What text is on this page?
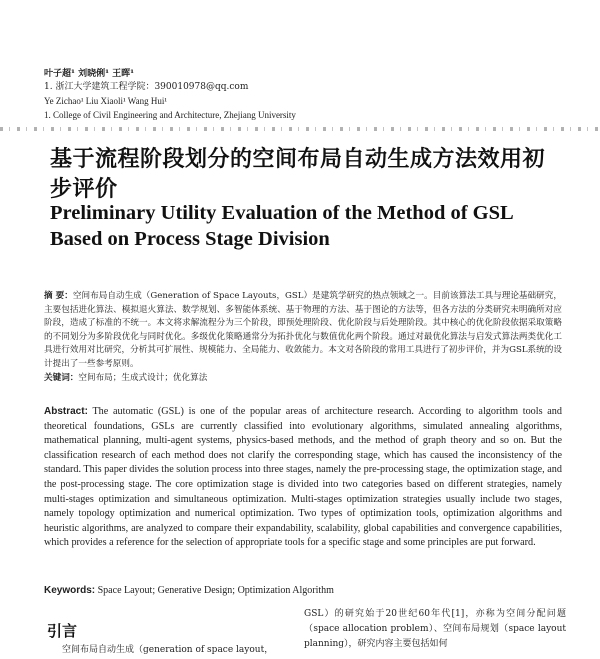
叶子超¹ 刘晓俐¹ 王晖¹
1. 浙江大学建筑工程学院：390010978@qq.com
Ye Zichao¹ Liu Xiaoli¹ Wang Hui¹
1. College of Civil Engineering and Architecture, Zhejiang University
基于流程阶段划分的空间布局自动生成方法效用初步评价
Preliminary Utility Evaluation of the Method of GSL Based on Process Stage Division
摘 要：空间布局自动生成（Generation of Space Layouts，GSL）是建筑学研究的热点领域之一。目前该算法工具与理论基础研究，主要包括进化算法、模拟退火算法、数学规划、多智能体系统、基于物理的方法、基于图论的方法等，但各方法的分类研究未明确所对应阶段，造成了标准的不统一。本文将求解流程分为三个阶段，即预处理阶段、优化阶段与后处理阶段。其中核心的优化阶段依据采取策略的不同划分为多阶段优化与同时优化。多级优化策略通常分为拓扑优化与数值优化两个阶段。通过对最优化算法与启发式算法两类优化工具进行效用对比研究，分析其可扩展性、规模能力、全局能力、收敛能力。本文对各阶段的常用工具进行了初步评价，并为GSL系统的设计提出了一些参考原则。
关键词：空间布局；生成式设计；优化算法
Abstract: The automatic (GSL) is one of the popular areas of architecture research. According to algorithm tools and theoretical foundations, GSLs are currently classified into evolutionary algorithms, simulated annealing algorithms, mathematical planning, multi-agent systems, physics-based methods, and the method of graph theory and so on. But the classification research of each method does not clarify the corresponding stage, which has caused the inconsistency of the standard. This paper divides the solution process into three stages, namely the pre-processing stage, the optimization stage, and the post-processing stage. The core optimization stage is divided into two categories based on different strategies, namely multi-stages optimization and simultaneous optimization. Multi-stages optimization strategies usually include two stages, namely topology optimization and numerical optimization. Two types of optimization tools, optimization algorithms and heuristic algorithms, are analyzed to compare their expandability, scalability, global capabilities and convergence capabilities, which provides a reference for the selection of appropriate tools for a specific stage and some principles are put forward.
Keywords: Space Layout; Generative Design; Optimization Algorithm
引言
空间布局自动生成（generation of space layout，
GSL）的研究始于20世纪60年代[1]，亦称为空间分配问题（space allocation problem）、空间布局规划（space layout planning），研究内容主要包括如何
